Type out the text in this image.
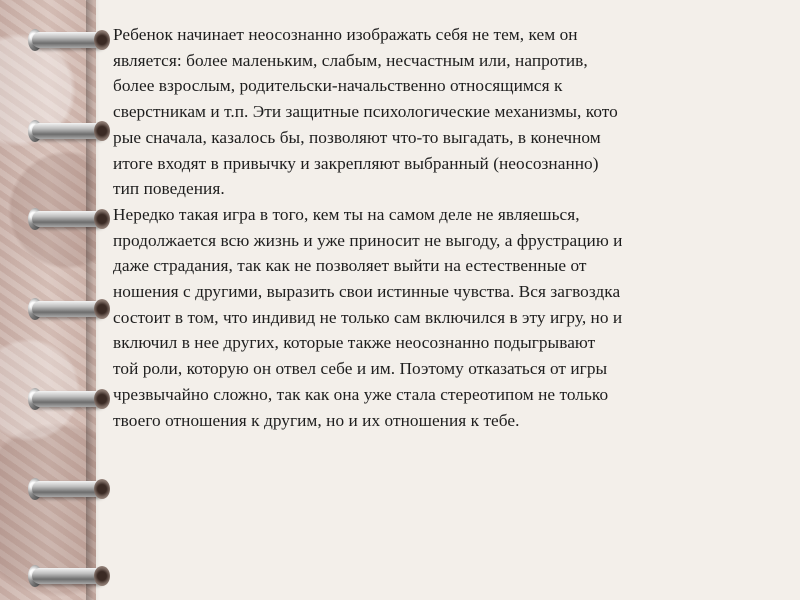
Ребенок начинает неосознанно изображать себя не тем, кем он
является: более маленьким, слабым, несчастным или, напротив,
более взрослым, родительски-начальственно относящимся к
сверстникам и т.п. Эти защитные психологические механизмы, кото
рые сначала, казалось бы, позволяют что-то выгадать, в конечном
итоге входят в привычку и закрепляют выбранный (неосознанно)
тип поведения.
Нередко такая игра в того, кем ты на самом деле не являешься,
продолжается всю жизнь и уже приносит не выгоду, а фрустрацию и
даже страдания, так как не позволяет выйти на естественные от
ношения с другими, выразить свои истинные чувства. Вся загвоздка
состоит в том, что индивид не только сам включился в эту игру, но и
включил в нее других, которые также неосознанно подыгрывают
той роли, которую он отвел себе и им. Поэтому отказаться от игры
чрезвычайно сложно, так как она уже стала стереотипом не только
твоего отношения к другим, но и их отношения к тебе.
